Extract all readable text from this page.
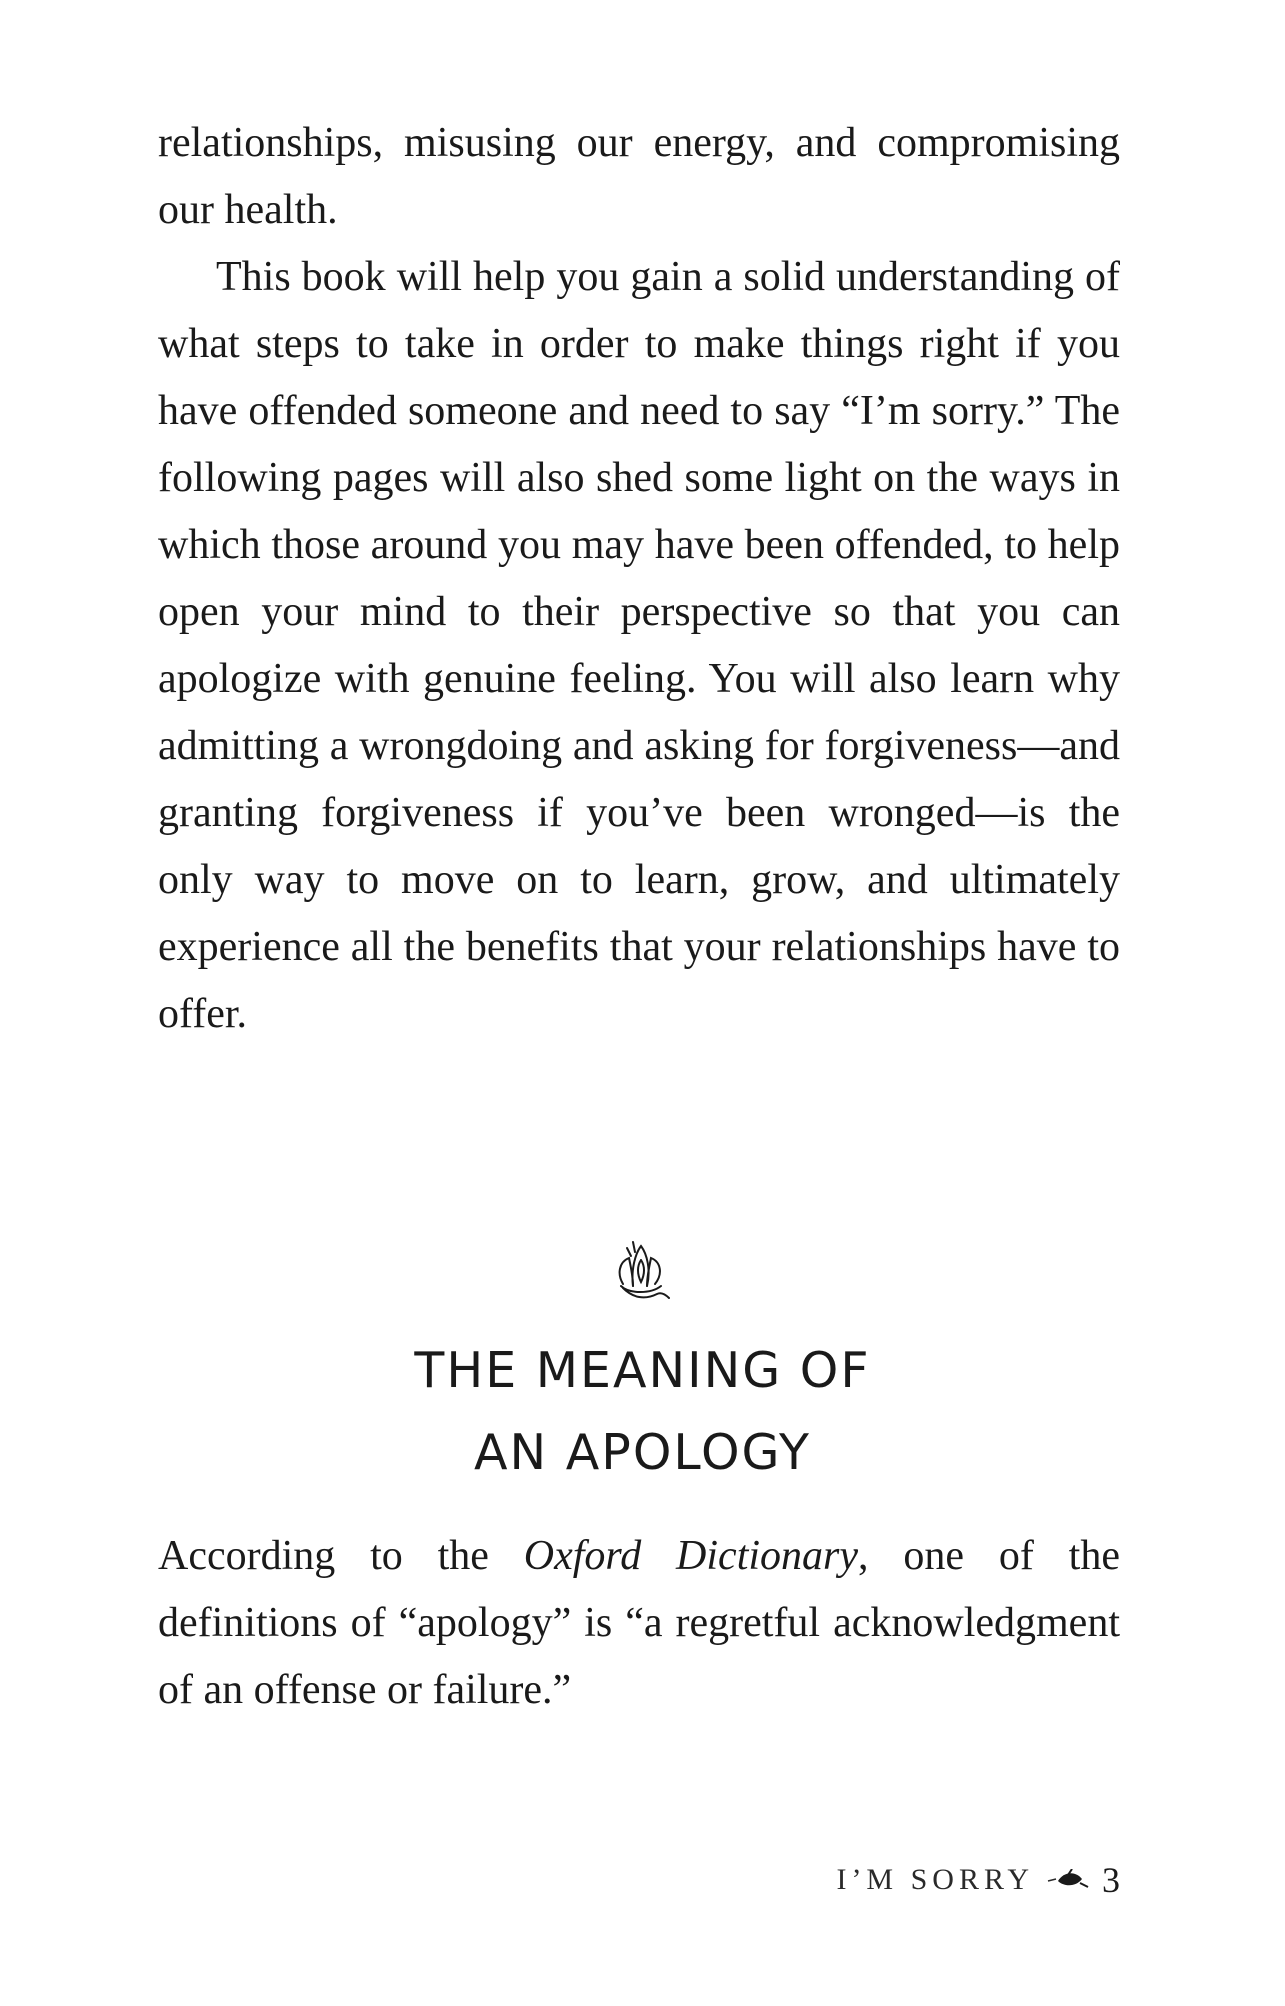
relationships, misusing our energy, and compromising our health.

This book will help you gain a solid understanding of what steps to take in order to make things right if you have offended someone and need to say “I’m sorry.” The following pages will also shed some light on the ways in which those around you may have been offended, to help open your mind to their perspective so that you can apologize with genuine feeling. You will also learn why admitting a wrongdoing and asking for forgiveness—and granting forgiveness if you’ve been wronged—is the only way to move on to learn, grow, and ultimately experience all the benefits that your relationships have to offer.

THE MEANING OF
AN APOLOGY

According to the Oxford Dictionary, one of the definitions of “apology” is “a regretful acknowledgment of an offense or failure.”

I’M SORRY 3
